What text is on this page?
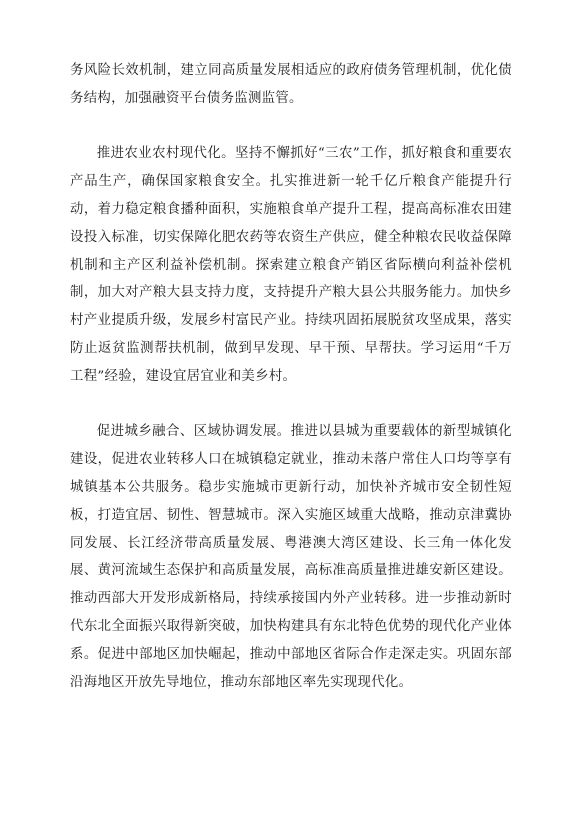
务风险长效机制，建立同高质量发展相适应的政府债务管理机制，优化债务结构，加强融资平台债务监测监管。

推进农业农村现代化。坚持不懈抓好“三农”工作，抓好粮食和重要农产品生产，确保国家粮食安全。扎实推进新一轮千亿斤粮食产能提升行动，着力稳定粮食播种面积，实施粮食单产提升工程，提高高标准农田建设投入标准，切实保障化肥农药等农资生产供应，健全种粮农民收益保障机制和主产区利益补偿机制。探索建立粮食产销区省际横向利益补偿机制，加大对产粮大县支持力度，支持提升产粮大县公共服务能力。加快乡村产业提质升级，发展乡村富民产业。持续巩固拓展脱贫攻坚成果，落实防止返贫监测帮扶机制，做到早发现、早干预、早帮扶。学习运用“千万工程”经验，建设宜居宜业和美乡村。

促进城乡融合、区域协调发展。推进以县城为重要载体的新型城镇化建设，促进农业转移人口在城镇稳定就业，推动未落户常住人口均等享有城镇基本公共服务。稳步实施城市更新行动，加快补齐城市安全韧性短板，打造宜居、韧性、智慧城市。深入实施区域重大战略，推动京津冀协同发展、长江经济带高质量发展、粤港澳大湾区建设、长三角一体化发展、黄河流域生态保护和高质量发展，高标准高质量推进雄安新区建设。推动西部大开发形成新格局，持续承接国内外产业转移。进一步推动新时代东北全面振兴取得新突破，加快构建具有东北特色优势的现代化产业体系。促进中部地区加快崛起，推动中部地区省际合作走深走实。巩固东部沿海地区开放先导地位，推动东部地区率先实现现代化。
